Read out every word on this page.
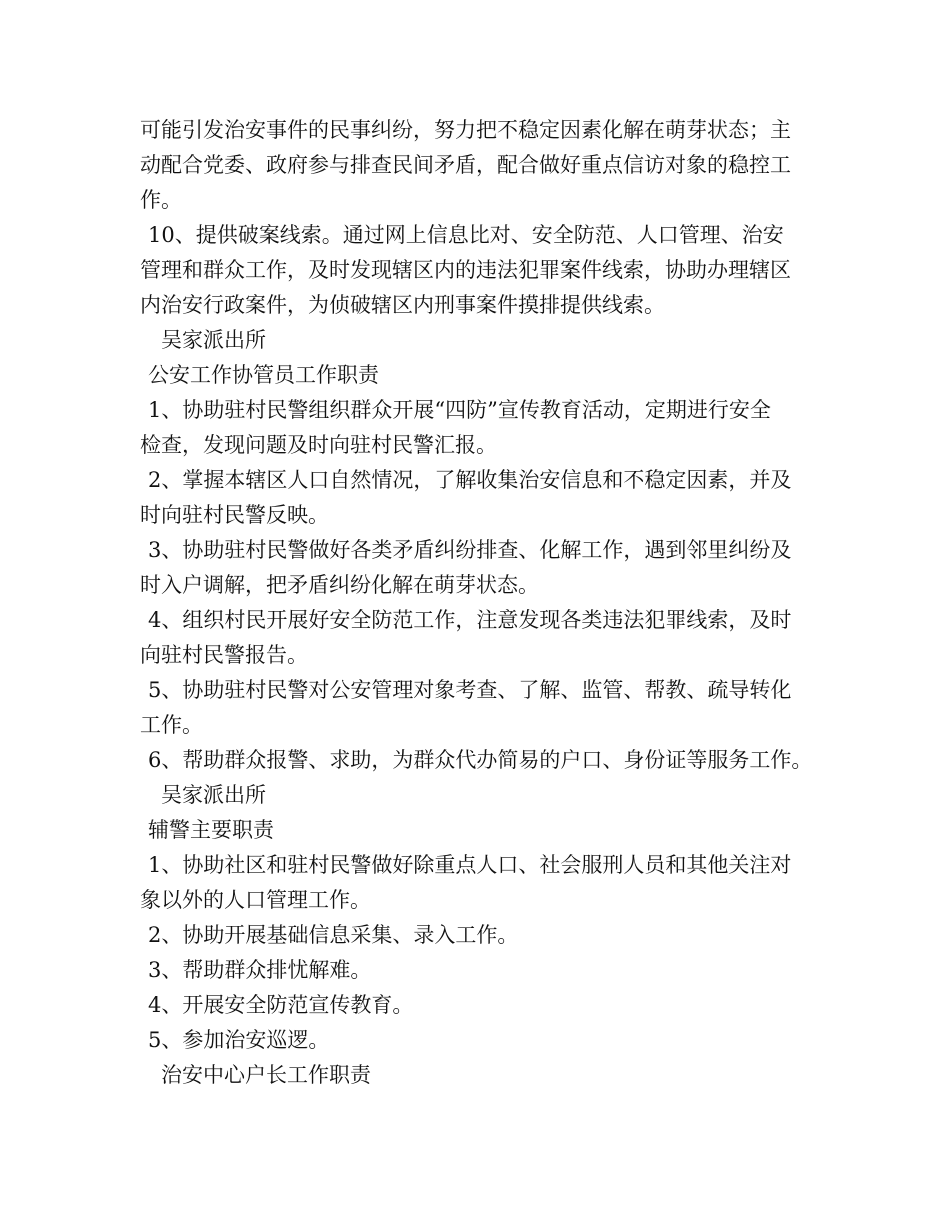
可能引发治安事件的民事纠纷，努力把不稳定因素化解在萌芽状态；主
动配合党委、政府参与排查民间矛盾，配合做好重点信访对象的稳控工
作。
10、提供破案线索。通过网上信息比对、安全防范、人口管理、治安
管理和群众工作，及时发现辖区内的违法犯罪案件线索，协助办理辖区
内治安行政案件，为侦破辖区内刑事案件摸排提供线索。
吴家派出所
公安工作协管员工作职责
1、协助驻村民警组织群众开展“四防”宣传教育活动，定期进行安全
检查，发现问题及时向驻村民警汇报。
2、掌握本辖区人口自然情况，了解收集治安信息和不稳定因素，并及
时向驻村民警反映。
3、协助驻村民警做好各类矛盾纠纷排查、化解工作，遇到邻里纠纷及
时入户调解，把矛盾纠纷化解在萌芽状态。
4、组织村民开展好安全防范工作，注意发现各类违法犯罪线索，及时
向驻村民警报告。
5、协助驻村民警对公安管理对象考查、了解、监管、帮教、疏导转化
工作。
6、帮助群众报警、求助，为群众代办简易的户口、身份证等服务工作。
吴家派出所
辅警主要职责
1、协助社区和驻村民警做好除重点人口、社会服刑人员和其他关注对
象以外的人口管理工作。
2、协助开展基础信息采集、录入工作。
3、帮助群众排忧解难。
4、开展安全防范宣传教育。
5、参加治安巡逻。
治安中心户长工作职责
